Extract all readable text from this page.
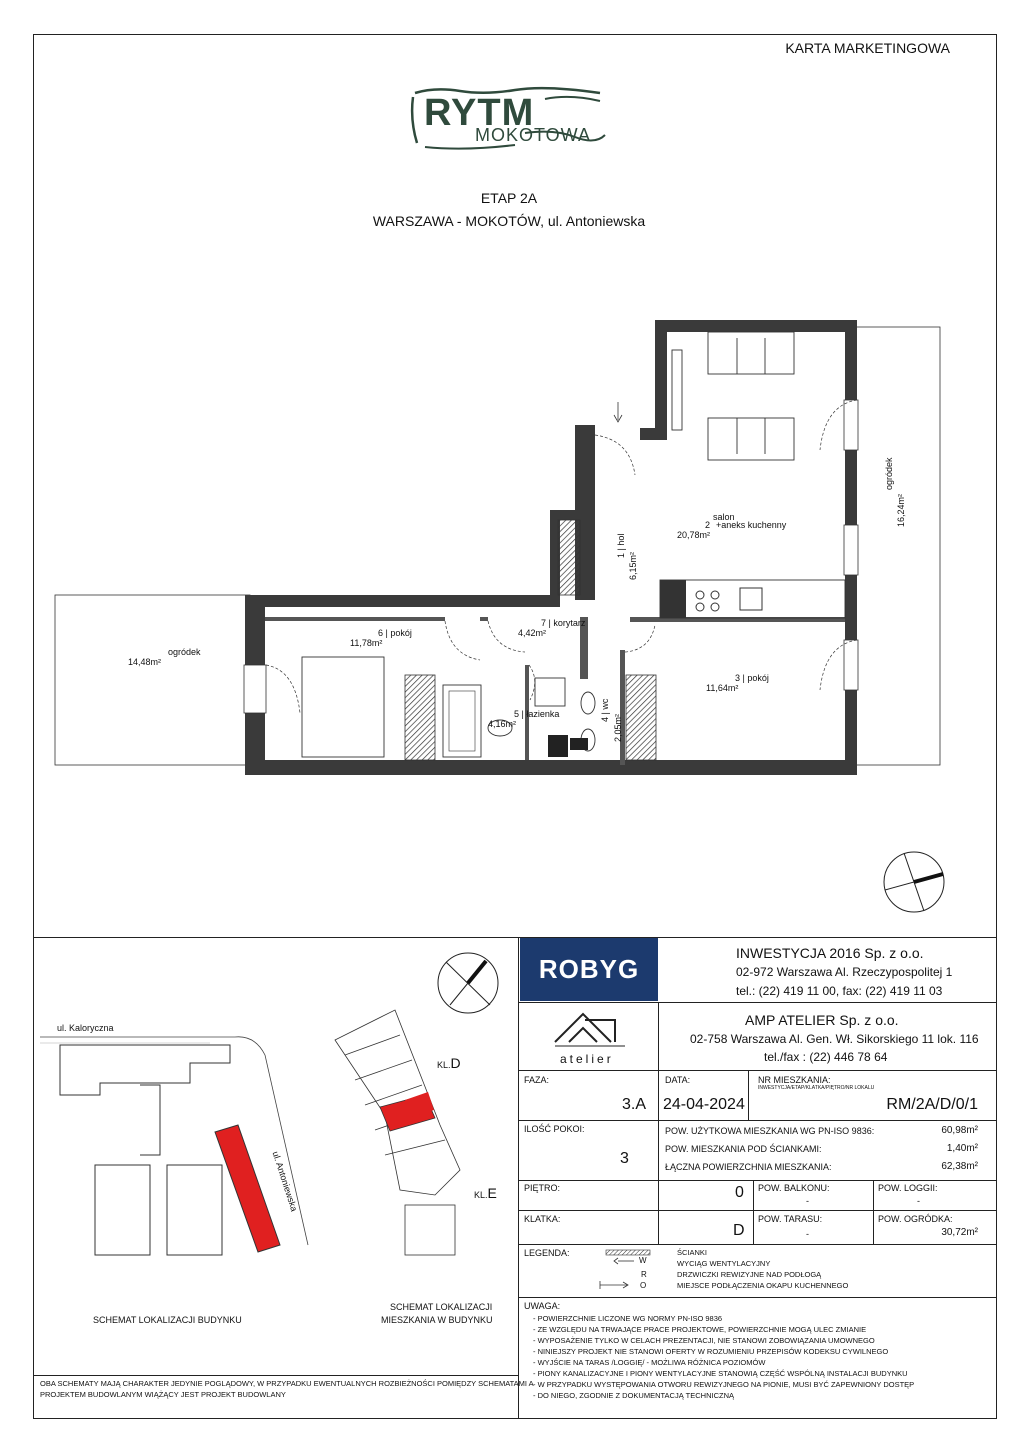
KARTA MARKETINGOWA
RYTM
MOKOTOWA
ETAP 2A
WARSZAWA - MOKOTÓW, ul. Antoniewska
salon
2 +aneks kuchenny
20,78m²
1 | hol
6,15m²
7 | korytarz
4,42m²
6 | pokój
11,78m²
3 | pokój
11,64m²
5 | łazienka
4,16m²	4 | wc
2,05m²
ogródek
14,48m²
ogródek
16,24m²
ROBYG
INWESTYCJA 2016 Sp. z o.o.
02-972 Warszawa Al. Rzeczypospolitej 1
tel.: (22) 419 11 00, fax: (22) 419 11 03
atelier
AMP ATELIER Sp. z o.o.
02-758 Warszawa Al. Gen. Wł. Sikorskiego 11 lok. 116
tel./fax : (22) 446 78 64
FAZA:
3.A
DATA:
24-04-2024
NR MIESZKANIA:
INWESTYCJA/ETAP/KLATKA/PIĘTRO/NR LOKALU
RM/2A/D/0/1
ILOŚĆ POKOI:
3
POW. UŻYTKOWA MIESZKANIA WG PN-ISO 9836:	60,98m²
POW. MIESZKANIA POD ŚCIANKAMI:	1,40m²
ŁĄCZNA POWIERZCHNIA MIESZKANIA:	62,38m²
PIĘTRO:	0 POW. BALKONU:
-
POW. LOGGII:
-
KLATKA:
D
POW. TARASU:
-
POW. OGRÓDKA:
30,72m²
LEGENDA:
W
R
O
ŚCIANKI
WYCIĄG WENTYLACYJNY
DRZWICZKI REWIZYJNE NAD PODŁOGĄ
MIEJSCE PODŁĄCZENIA OKAPU KUCHENNEGO
UWAGA:
- POWIERZCHNIE LICZONE WG NORMY PN-ISO 9836
- ZE WZGLĘDU NA TRWAJĄCE PRACE PROJEKTOWE, POWIERZCHNIE MOGĄ ULEC ZMIANIE
- WYPOSAŻENIE TYLKO W CELACH PREZENTACJI, NIE STANOWI ZOBOWIĄZANIA UMOWNEGO
- NINIEJSZY PROJEKT NIE STANOWI OFERTY W ROZUMIENIU PRZEPISÓW KODEKSU CYWILNEGO
- WYJŚCIE NA TARAS /LOGGIĘ/ - MOŻLIWA RÓŻNICA POZIOMÓW
- PIONY KANALIZACYJNE I PIONY WENTYLACYJNE STANOWIĄ CZĘŚĆ WSPÓLNĄ INSTALACJI BUDYNKU
- W PRZYPADKU WYSTĘPOWANIA OTWORU REWIZYJNEGO NA PIONIE, MUSI BYĆ ZAPEWNIONY DOSTĘP
- DO NIEGO, ZGODNIE Z DOKUMENTACJĄ TECHNICZNĄ
ul. Kaloryczna
ul. Antoniewska
KL.D
KL.E
SCHEMAT LOKALIZACJI BUDYNKU
SCHEMAT LOKALIZACJI
MIESZKANIA W BUDYNKU
OBA SCHEMATY MAJĄ CHARAKTER JEDYNIE POGLĄDOWY, W PRZYPADKU EWENTUALNYCH ROZBIEŻNOŚCI POMIĘDZY SCHEMATAMI A
PROJEKTEM BUDOWLANYM WIĄŻĄCY JEST PROJEKT BUDOWLANY
